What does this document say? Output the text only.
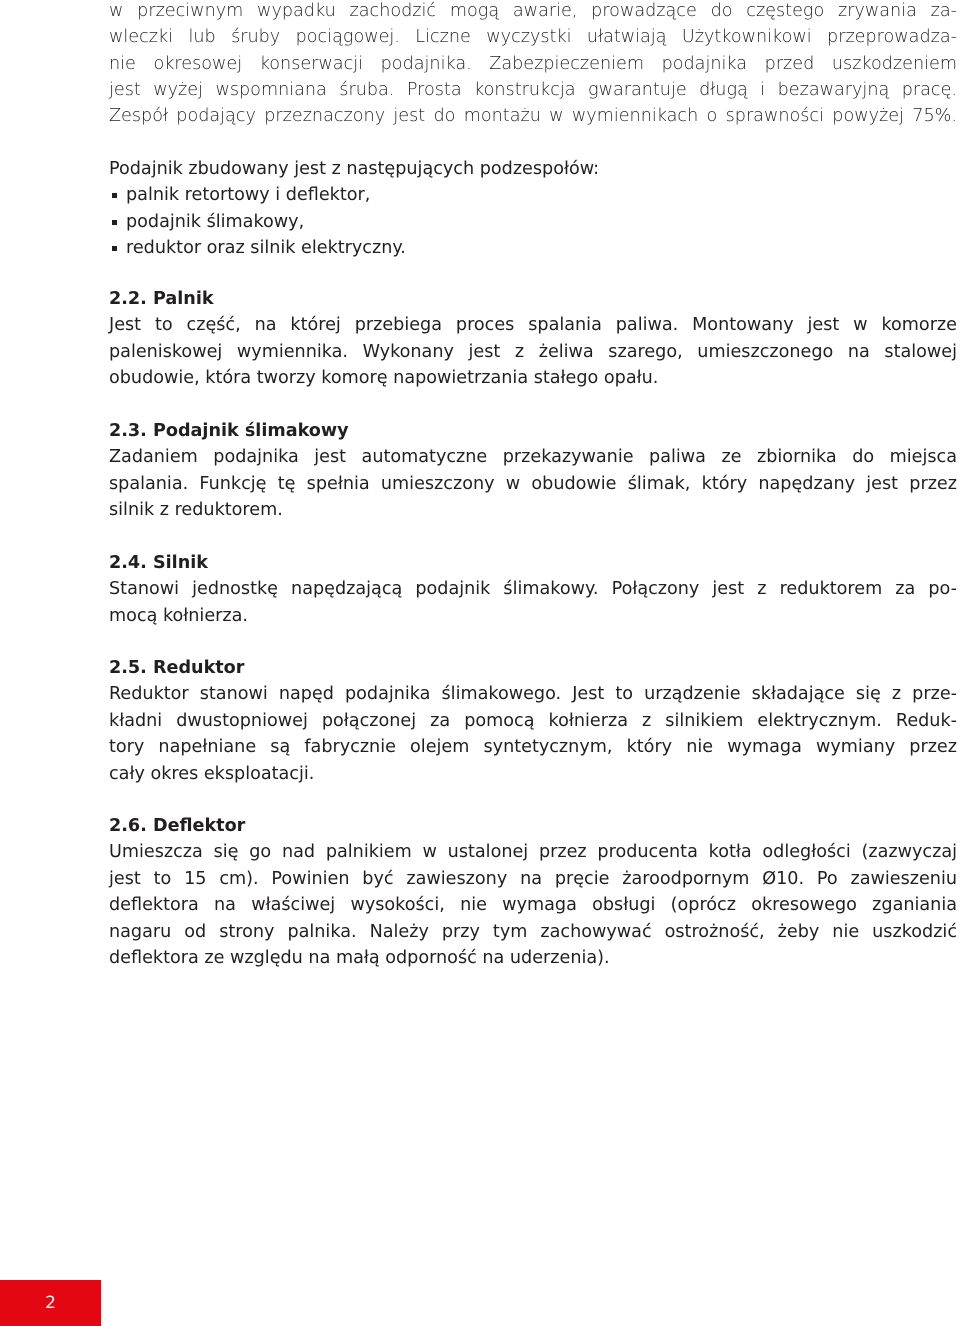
w przeciwnym wypadku zachodzić mogą awarie, prowadzące do częstego zrywania za-

wleczki lub śruby pociągowej. Liczne wyczystki ułatwiają Użytkownikowi przeprowadza-

nie okresowej konserwacji podajnika. Zabezpieczeniem podajnika przed uszkodzeniem

jest wyżej wspomniana śruba. Prosta konstrukcja gwarantuje długą i bezawaryjną pracę.

Zespół podający przeznaczony jest do montażu w wymiennikach o sprawności powyżej 75%.

Podajnik zbudowany jest z następujących podzespołów:

palnik retortowy i deflektor,
podajnik ślimakowy,
reduktor oraz silnik elektryczny.
2.2. Palnik

Jest to część, na której przebiega proces spalania paliwa. Montowany jest w komorze

paleniskowej wymiennika. Wykonany jest z żeliwa szarego, umieszczonego na stalowej

obudowie, która tworzy komorę napowietrzania stałego opału.

2.3. Podajnik ślimakowy

Zadaniem podajnika jest automatyczne przekazywanie paliwa ze zbiornika do miejsca

spalania. Funkcję tę spełnia umieszczony w obudowie ślimak, który napędzany jest przez

silnik z reduktorem.

2.4. Silnik

Stanowi jednostkę napędzającą podajnik ślimakowy. Połączony jest z reduktorem za po-

mocą kołnierza.

2.5. Reduktor

Reduktor stanowi napęd podajnika ślimakowego. Jest to urządzenie składające się z prze-

kładni dwustopniowej połączonej za pomocą kołnierza z silnikiem elektrycznym. Reduk-

tory napełniane są fabrycznie olejem syntetycznym, który nie wymaga wymiany przez

cały okres eksploatacji.

2.6. Deflektor

Umieszcza się go nad palnikiem w ustalonej przez producenta kotła odległości (zazwyczaj

jest to 15 cm). Powinien być zawieszony na pręcie żaroodpornym Ø10. Po zawieszeniu

deflektora na właściwej wysokości, nie wymaga obsługi (oprócz okresowego zganiania

nagaru od strony palnika. Należy przy tym zachowywać ostrożność, żeby nie uszkodzić

deflektora ze względu na małą odporność na uderzenia).

2
